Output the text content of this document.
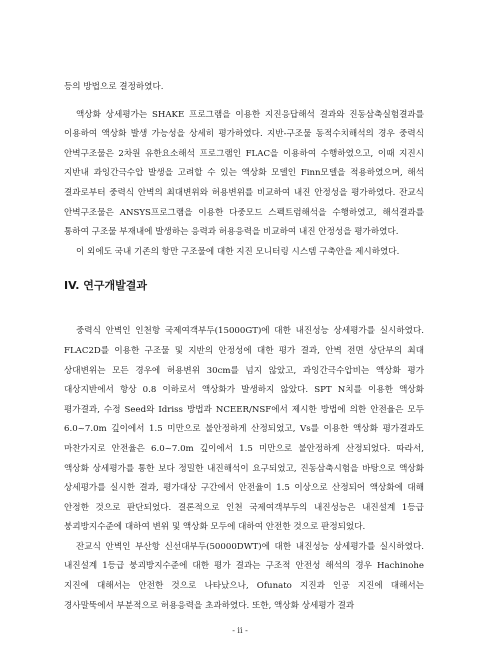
등의 방법으로 결정하였다.

액상화 상세평가는 SHAKE 프로그램을 이용한 지진응답해석 결과와 진동삼축실험결과를 이용하여 액상화 발생 가능성을 상세히 평가하였다. 지반-구조물 동적수치해석의 경우 중력식 안벽구조물은 2차원 유한요소해석 프로그램인 FLAC을 이용하여 수행하였으고, 이때 지진시 지반내 과잉간극수압 발생을 고려할 수 있는 액상화 모델인 Finn모델을 적용하였으며, 해석 결과로부터 중력식 안벽의 최대변위와 허용변위를 비교하여 내진 안정성을 평가하였다. 잔교식 안벽구조물은 ANSYS프로그램을 이용한 다중모드 스펙트럼해석을 수행하였고, 해석결과를 통하여 구조물 부재내에 발생하는 응력과 허용응력을 비교하여 내진 안정성을 평가하였다.

이 외에도 국내 기존의 항만 구조물에 대한 지진 모니터링 시스템 구축안을 제시하였다.

IV. 연구개발결과

중력식 안벽인 인천항 국제여객부두(15000GT)에 대한 내진성능 상세평가를 실시하였다. FLAC2D를 이용한 구조물 및 지반의 안정성에 대한 평가 결과, 안벽 전면 상단부의 최대 상대변위는 모든 경우에 허용변위 30cm를 넘지 않았고, 과잉간극수압비는 액상화 평가 대상지반에서 항상 0.8 이하로서 액상화가 발생하지 않았다. SPT N치를 이용한 액상화 평가결과, 수정 Seed와 Idriss 방법과 NCEER/NSF에서 제시한 방법에 의한 안전율은 모두 6.0~7.0m 깊이에서 1.5 미만으로 불안정하게 산정되었고, Vs를 이용한 액상화 평가결과도 마찬가지로 안전율은 6.0~7.0m 깊이에서 1.5 미만으로 불안정하게 산정되었다. 따라서, 액상화 상세평가를 통한 보다 정밀한 내진해석이 요구되었고, 진동삼축시험을 바탕으로 액상화 상세평가를 실시한 결과, 평가대상 구간에서 안전율이 1.5 이상으로 산정되어 액상화에 대해 안정한 것으로 판단되었다. 결론적으로 인천 국제여객부두의 내진성능은 내진설계 1등급 붕괴방지수준에 대하여 변위 및 액상화 모두에 대하여 안전한 것으로 판정되었다.

잔교식 안벽인 부산항 신선대부두(50000DWT)에 대한 내진성능 상세평가를 실시하였다. 내진설계 1등급 붕괴방지수준에 대한 평가 결과는 구조적 안전성 해석의 경우 Hachinohe 지진에 대해서는 안전한 것으로 나타났으나, Ofunato 지진과 인공 지진에 대해서는 경사말뚝에서 부분적으로 허용응력을 초과하였다. 또한, 액상화 상세평가 결과

- ii -
